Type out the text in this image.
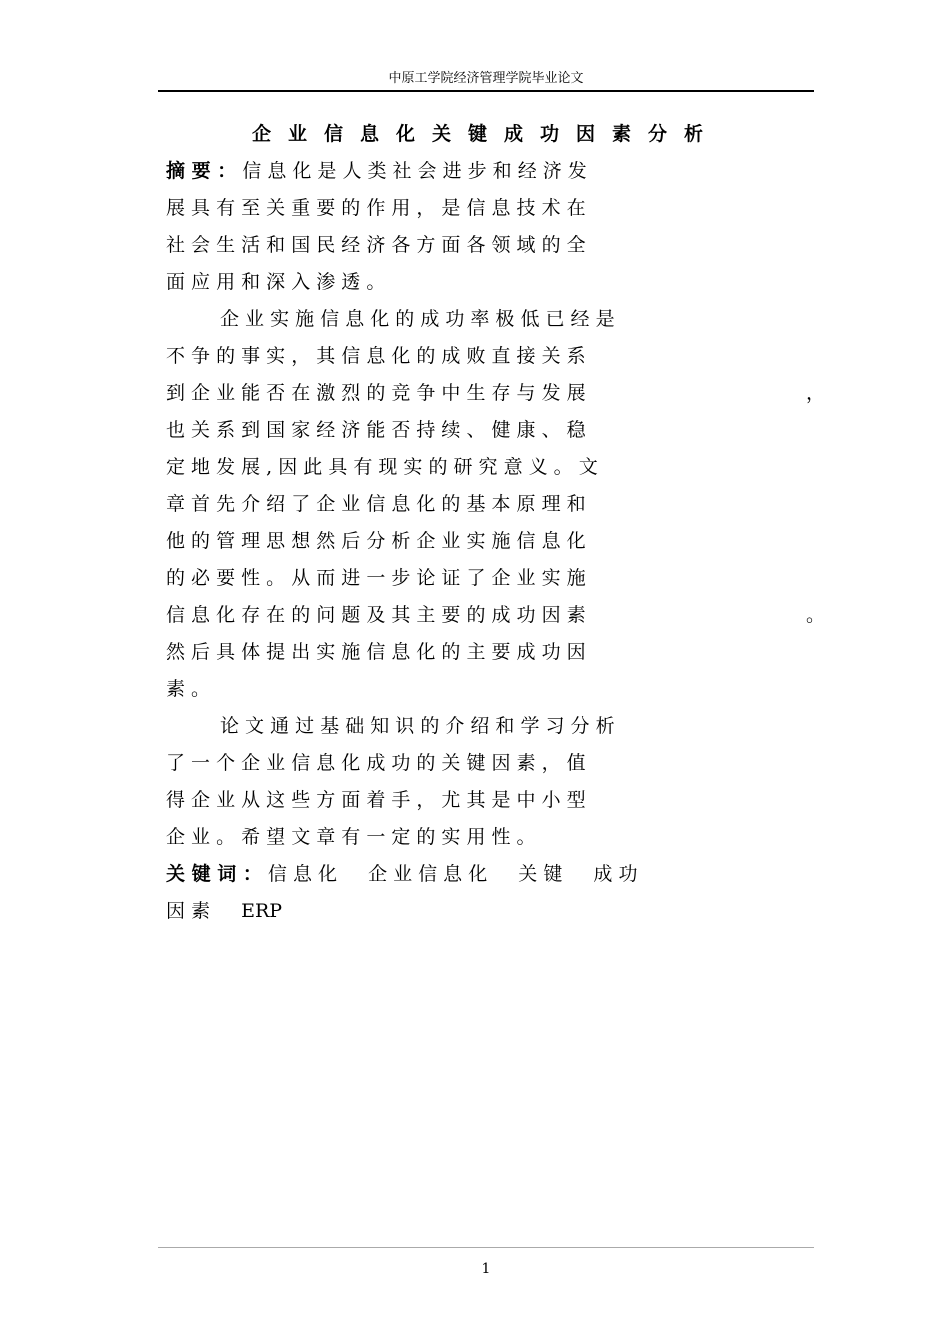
中原工学院经济管理学院毕业论文
企业信息化关键成功因素分析
摘 要 ： 信 息 化 是 人 类 社 会 进 步 和 经 济 发
展 具 有 至 关 重 要 的 作 用 ， 是 信 息 技 术 在
社 会 生 活 和 国 民 经 济 各 方 面 各 领 域 的 全
面 应 用 和 深 入 渗 透 。
企 业 实 施 信 息 化 的 成 功 率 极 低 已 经 是
不 争 的 事 实 ， 其 信 息 化 的 成 败 直 接 关 系
到 企 业 能 否 在 激 烈 的 竞 争 中 生 存 与 发 展	，
也 关 系 到 国 家 经 济 能 否 持 续 、 健 康 、 稳
定 地 发 展 , 因 此 具 有 现 实 的 研 究 意 义 。 文
章 首 先 介 绍 了 企 业 信 息 化 的 基 本 原 理 和
他 的 管 理 思 想 然 后 分 析 企 业 实 施 信 息 化
的 必 要 性 。 从 而 进 一 步 论 证 了 企 业 实 施
信 息 化 存 在 的 问 题 及 其 主 要 的 成 功 因 素	。
然 后 具 体 提 出 实 施 信 息 化 的 主 要 成 功 因
素 。
论 文 通 过 基 础 知 识 的 介 绍 和 学 习 分 析
了 一 个 企 业 信 息 化 成 功 的 关 键 因 素 ， 值
得 企 业 从 这 些 方 面 着 手 ， 尤 其 是 中 小 型
企 业 。 希 望 文 章 有 一 定 的 实 用 性 。
关 键 词 ： 信 息 化 　 企 业 信 息 化 　 关 键 　 成 功
因 素 　 ERP
1
